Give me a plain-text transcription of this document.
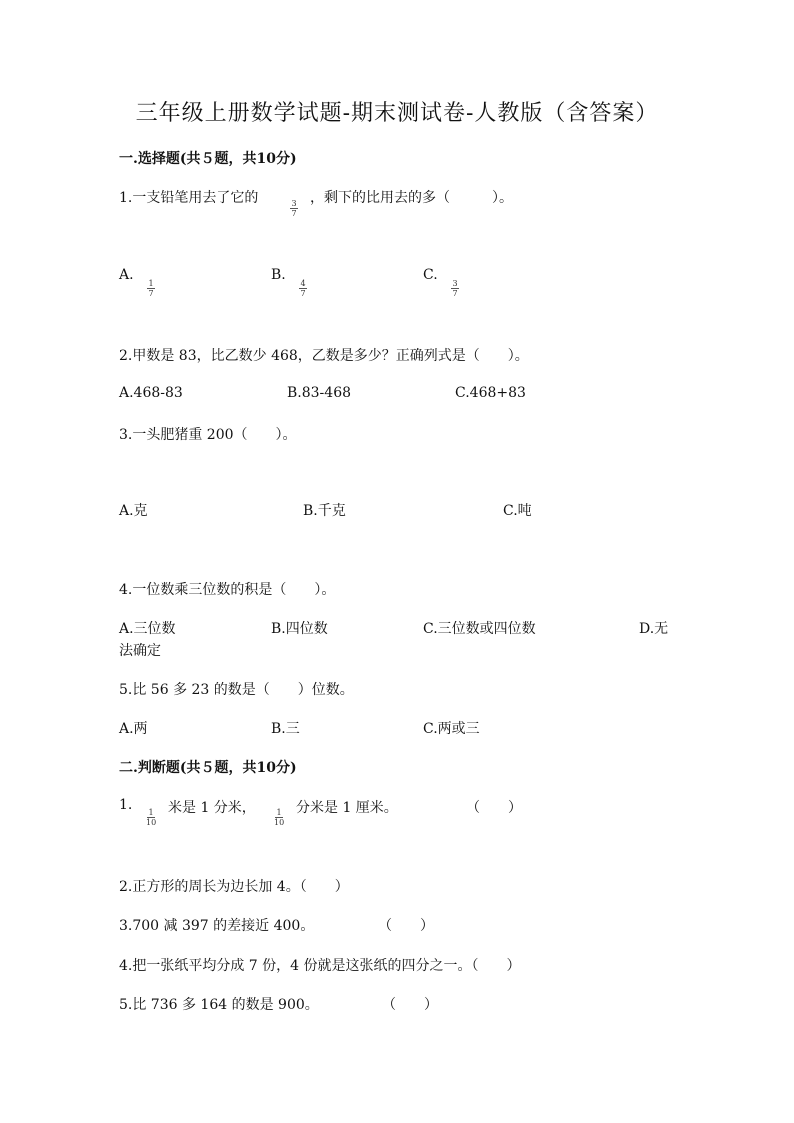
三年级上册数学试题-期末测试卷-人教版（含答案）
一.选择题(共５题，共10分)
1.一支铅笔用去了它的	3
7
，剩下的比用去的多（　　　）。
A.
1
7
B.
4
7
C.
3
7
2.甲数是 83，比乙数少 468，乙数是多少？正确列式是（　　）。
A.468-83	B.83-468	C.468+83
3.一头肥猪重 200（　　）。
A.克	B.千克	C.吨
4.一位数乘三位数的积是（　　）。
A.三位数	B.四位数	C.三位数或四位数	D.无
法确定
5.比 56 多 23 的数是（　　）位数。
A.两	B.三	C.两或三
二.判断题(共５题，共10分)
1. 1
10
米是 1 分米，	1
10
分米是 1 厘米。	（　　）
2.正方形的周长为边长加 4。（　　）
3.700 减 397 的差接近 400。	（　　）
4.把一张纸平均分成 7 份，4 份就是这张纸的四分之一。（　　）
5.比 736 多 164 的数是 900。	（　　）
